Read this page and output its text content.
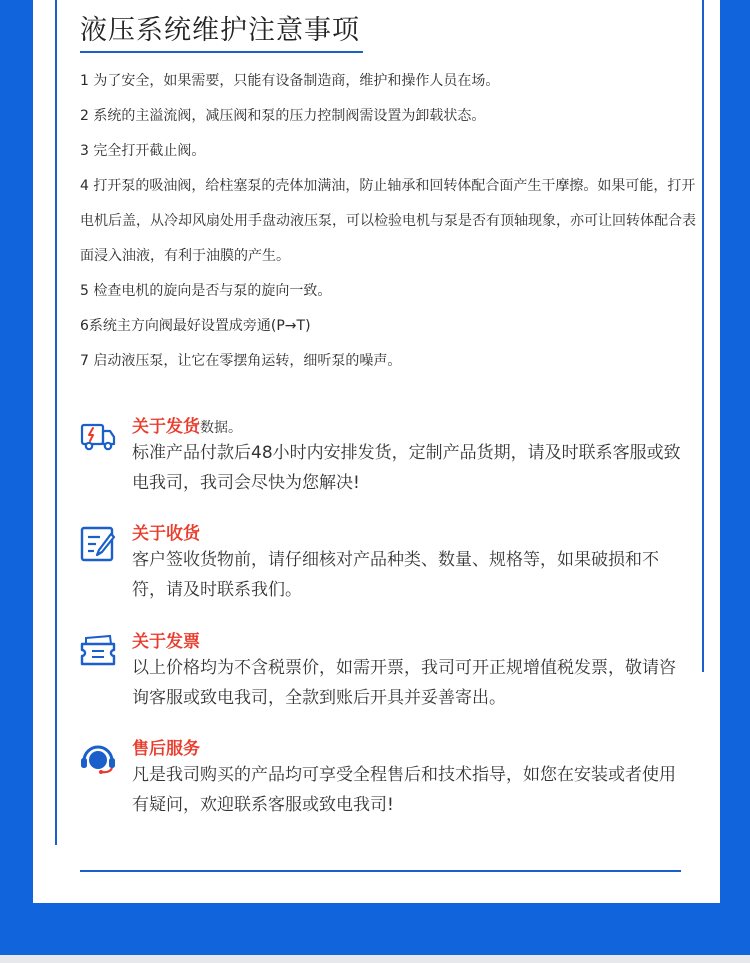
液压系统维护注意事项
1 为了安全，如果需要，只能有设备制造商，维护和操作人员在场。
2 系统的主溢流阀，减压阀和泵的压力控制阀需设置为卸载状态。
3 完全打开截止阀。
4 打开泵的吸油阀，给柱塞泵的壳体加满油，防止轴承和回转体配合面产生干摩擦。如果可能，打开电机后盖，从冷却风扇处用手盘动液压泵，可以检验电机与泵是否有顶轴现象，亦可让回转体配合表面浸入油液，有利于油膜的产生。
5 检查电机的旋向是否与泵的旋向一致。
6系统主方向阀最好设置成旁通(P→T)
7 启动液压泵，让它在零摆角运转，细听泵的噪声。
关于发货数据。
标准产品付款后48小时内安排发货，定制产品货期，请及时联系客服或致电我司，我司会尽快为您解决!
关于收货
客户签收货物前，请仔细核对产品种类、数量、规格等，如果破损和不符，请及时联系我们。
关于发票
以上价格均为不含税票价，如需开票，我司可开正规增值税发票，敬请咨询客服或致电我司，全款到账后开具并妥善寄出。
售后服务
凡是我司购买的产品均可享受全程售后和技术指导，如您在安装或者使用有疑问，欢迎联系客服或致电我司!
